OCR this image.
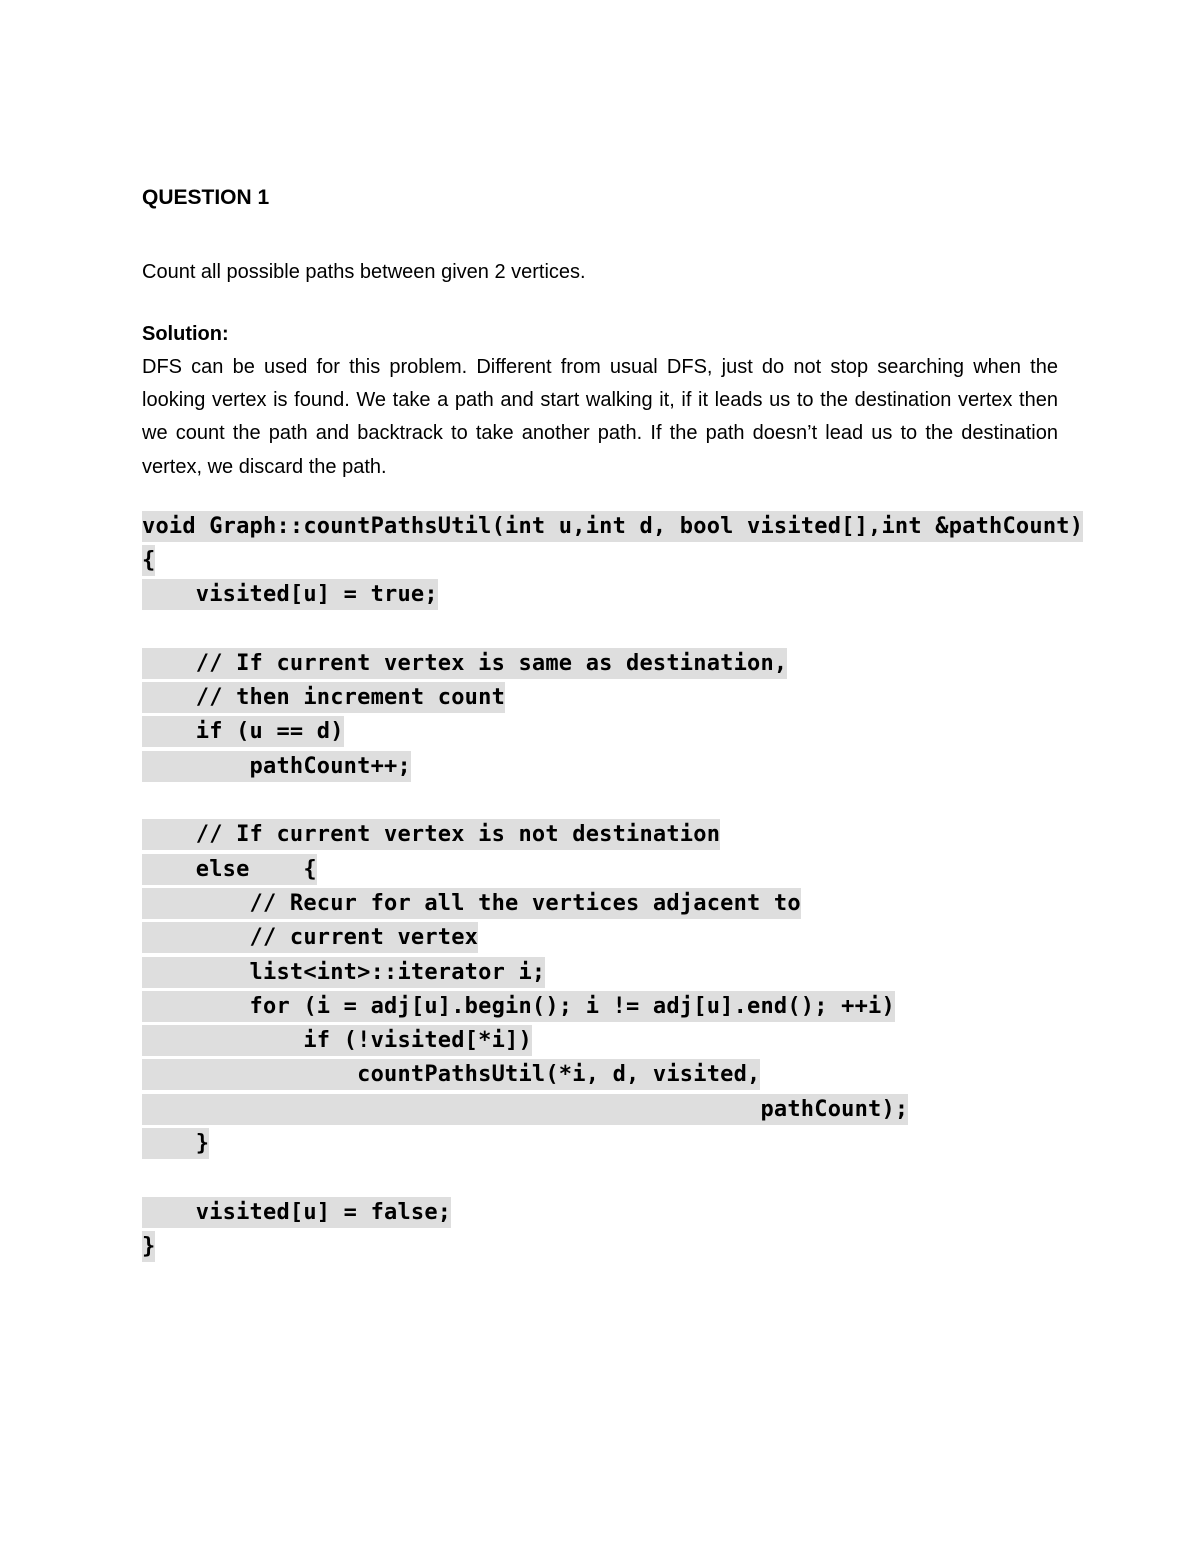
QUESTION 1

Count all possible paths between given 2 vertices.

Solution:

DFS can be used for this problem. Different from usual DFS, just do not stop searching when the looking vertex is found. We take a path and start walking it, if it leads us to the destination vertex then we count the path and backtrack to take another path. If the path doesn’t lead us to the destination vertex, we discard the path.

void Graph::countPathsUtil(int u,int d, bool visited[],int &pathCount)
{
visited[u] = true;
// If current vertex is same as destination,
// then increment count
if (u == d)
pathCount++;
// If current vertex is not destination
else    {
// Recur for all the vertices adjacent to
// current vertex
list<int>::iterator i;
for (i = adj[u].begin(); i != adj[u].end(); ++i)
if (!visited[*i])
countPathsUtil(*i, d, visited,
pathCount);
}
visited[u] = false;
}
